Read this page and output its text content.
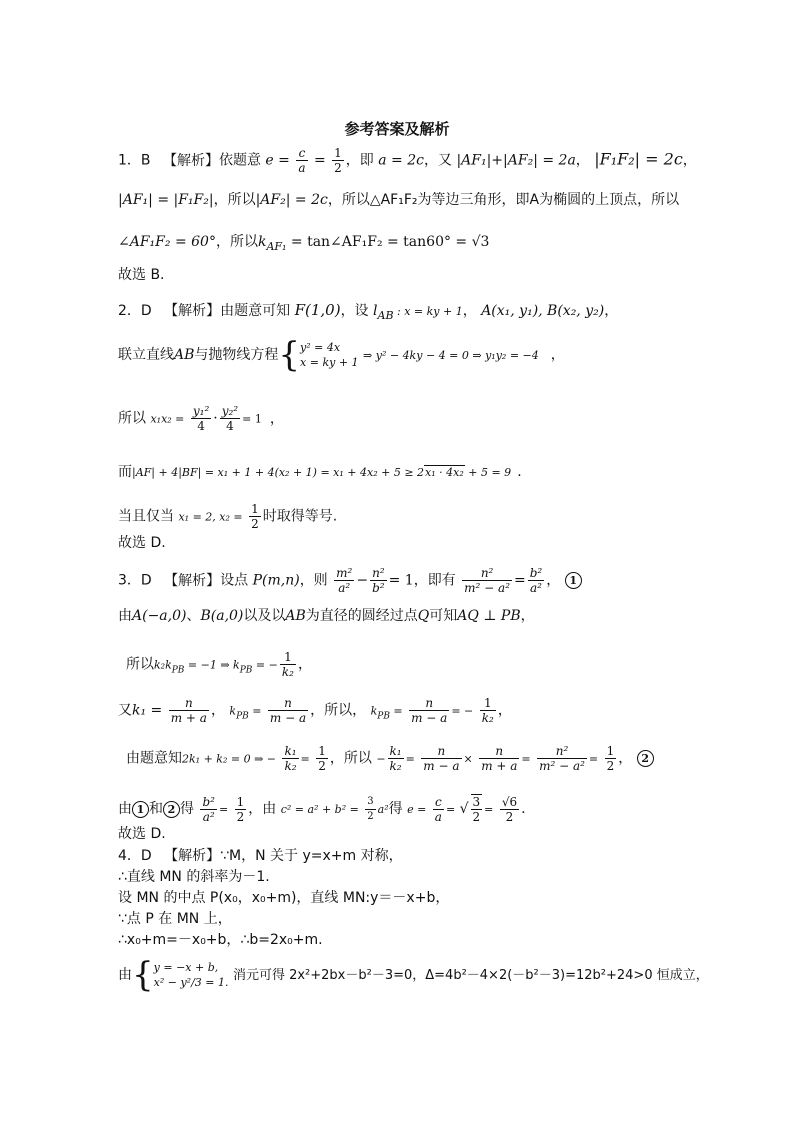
参考答案及解析
1．B 【解析】依题意 $e = \frac{c}{a} = \frac{1}{2}$ ，即 a = 2c，又 |AF₁|+|AF₂| = 2a， |F₁F₂| = 2c，
|AF₁| = |F₁F₂|，所以|AF₂| = 2c，所以△AF₁F₂为等边三角形，即A为椭圆的上顶点，所以
∠AF₁F₂ = 60°，所以$k_{AF_1}$ = tan∠AF₁F₂ = tan60° = √3
故选 B.
2．D 【解析】由题意可知 F(1,0)，设 $l_{AB}$ : x = ky + 1， A(x₁, y₁), B(x₂, y₂)，
联立直线AB与抛物线方程{ y² = 4x
x = ky + 1
⇒ y² − 4ky − 4 = 0 ⇒ y₁y₂ = −4 ，
所以 $x_1x_2 = \frac{\text{y₁²}}{4} \cdot \frac{\text{y₂²}}{4} = 1$ ，
而|AF| + 4|BF| = x₁ + 1 + 4(x₂ + 1) = x₁ + 4x₂ + 5 ≥ 2x₁ · 4x₂ + 5 = 9 .
当且仅当 x₁ = 2, $x_2 = \frac{1}{2}$ 时取得等号.
故选 D.
3．D 【解析】设点 P(m,n)，则 $\frac{\text{m²}}{\text{a²}} - \frac{\text{n²}}{\text{b²}} = 1$，即有 $\frac{\text{n²}}{\text{m² − a²}} = \frac{\text{b²}}{\text{a²}}$ ， 1
由A(−a,0)、B(a,0)以及以AB为直径的圆经过点Q可知AQ ⊥ PB，
所以$k_2k_{PB} = -1$ ⇒ $k_{PB}$ = − $\frac{1}{\text{k₂}}$ ，
又$k_1 = \frac{n}{m + a}$ ， $k_{PB} = \frac{n}{m - a}$ ，所以， $k_{PB} = \frac{n}{m - a}$ = − $\frac{1}{\text{k₂}}$ ，
由题意知2k₁ + k₂ = 0 ⇒ − $\frac{\text{k₁}}{\text{k₂}} = \frac{1}{2}$ ，所以 − $\frac{\text{k₁}}{\text{k₂}} = \frac{n}{m - a} \times \frac{n}{m + a} = \frac{\text{n²}}{\text{m² − a²}} = \frac{1}{2}$ ， 2
由 1 和 2 得 $\frac{\text{b²}}{\text{a²}} = \frac{1}{2}$ ，由 $c^2 = a^2 + b^2 = \frac{3}{2} a^2$得 $e = \frac{c}{a}$ = √ $\frac{3}{2} = \frac{√6}{2}$ .
故选 D.
4．D 【解析】∵M，N 关于 y=x+m 对称，
∴直线 MN 的斜率为－1.
设 MN 的中点 P(x₀，x₀+m)，直线 MN:y＝－x+b，
∵点 P 在 MN 上，
∴x₀+m=－x₀+b，∴b=2x₀+m.
由{ y = −x + b,
x² − y²/3 = 1. 消元可得 2x²+2bx－b²－3=0，Δ=4b²－4×2(－b²－3)=12b²+24>0 恒成立，
